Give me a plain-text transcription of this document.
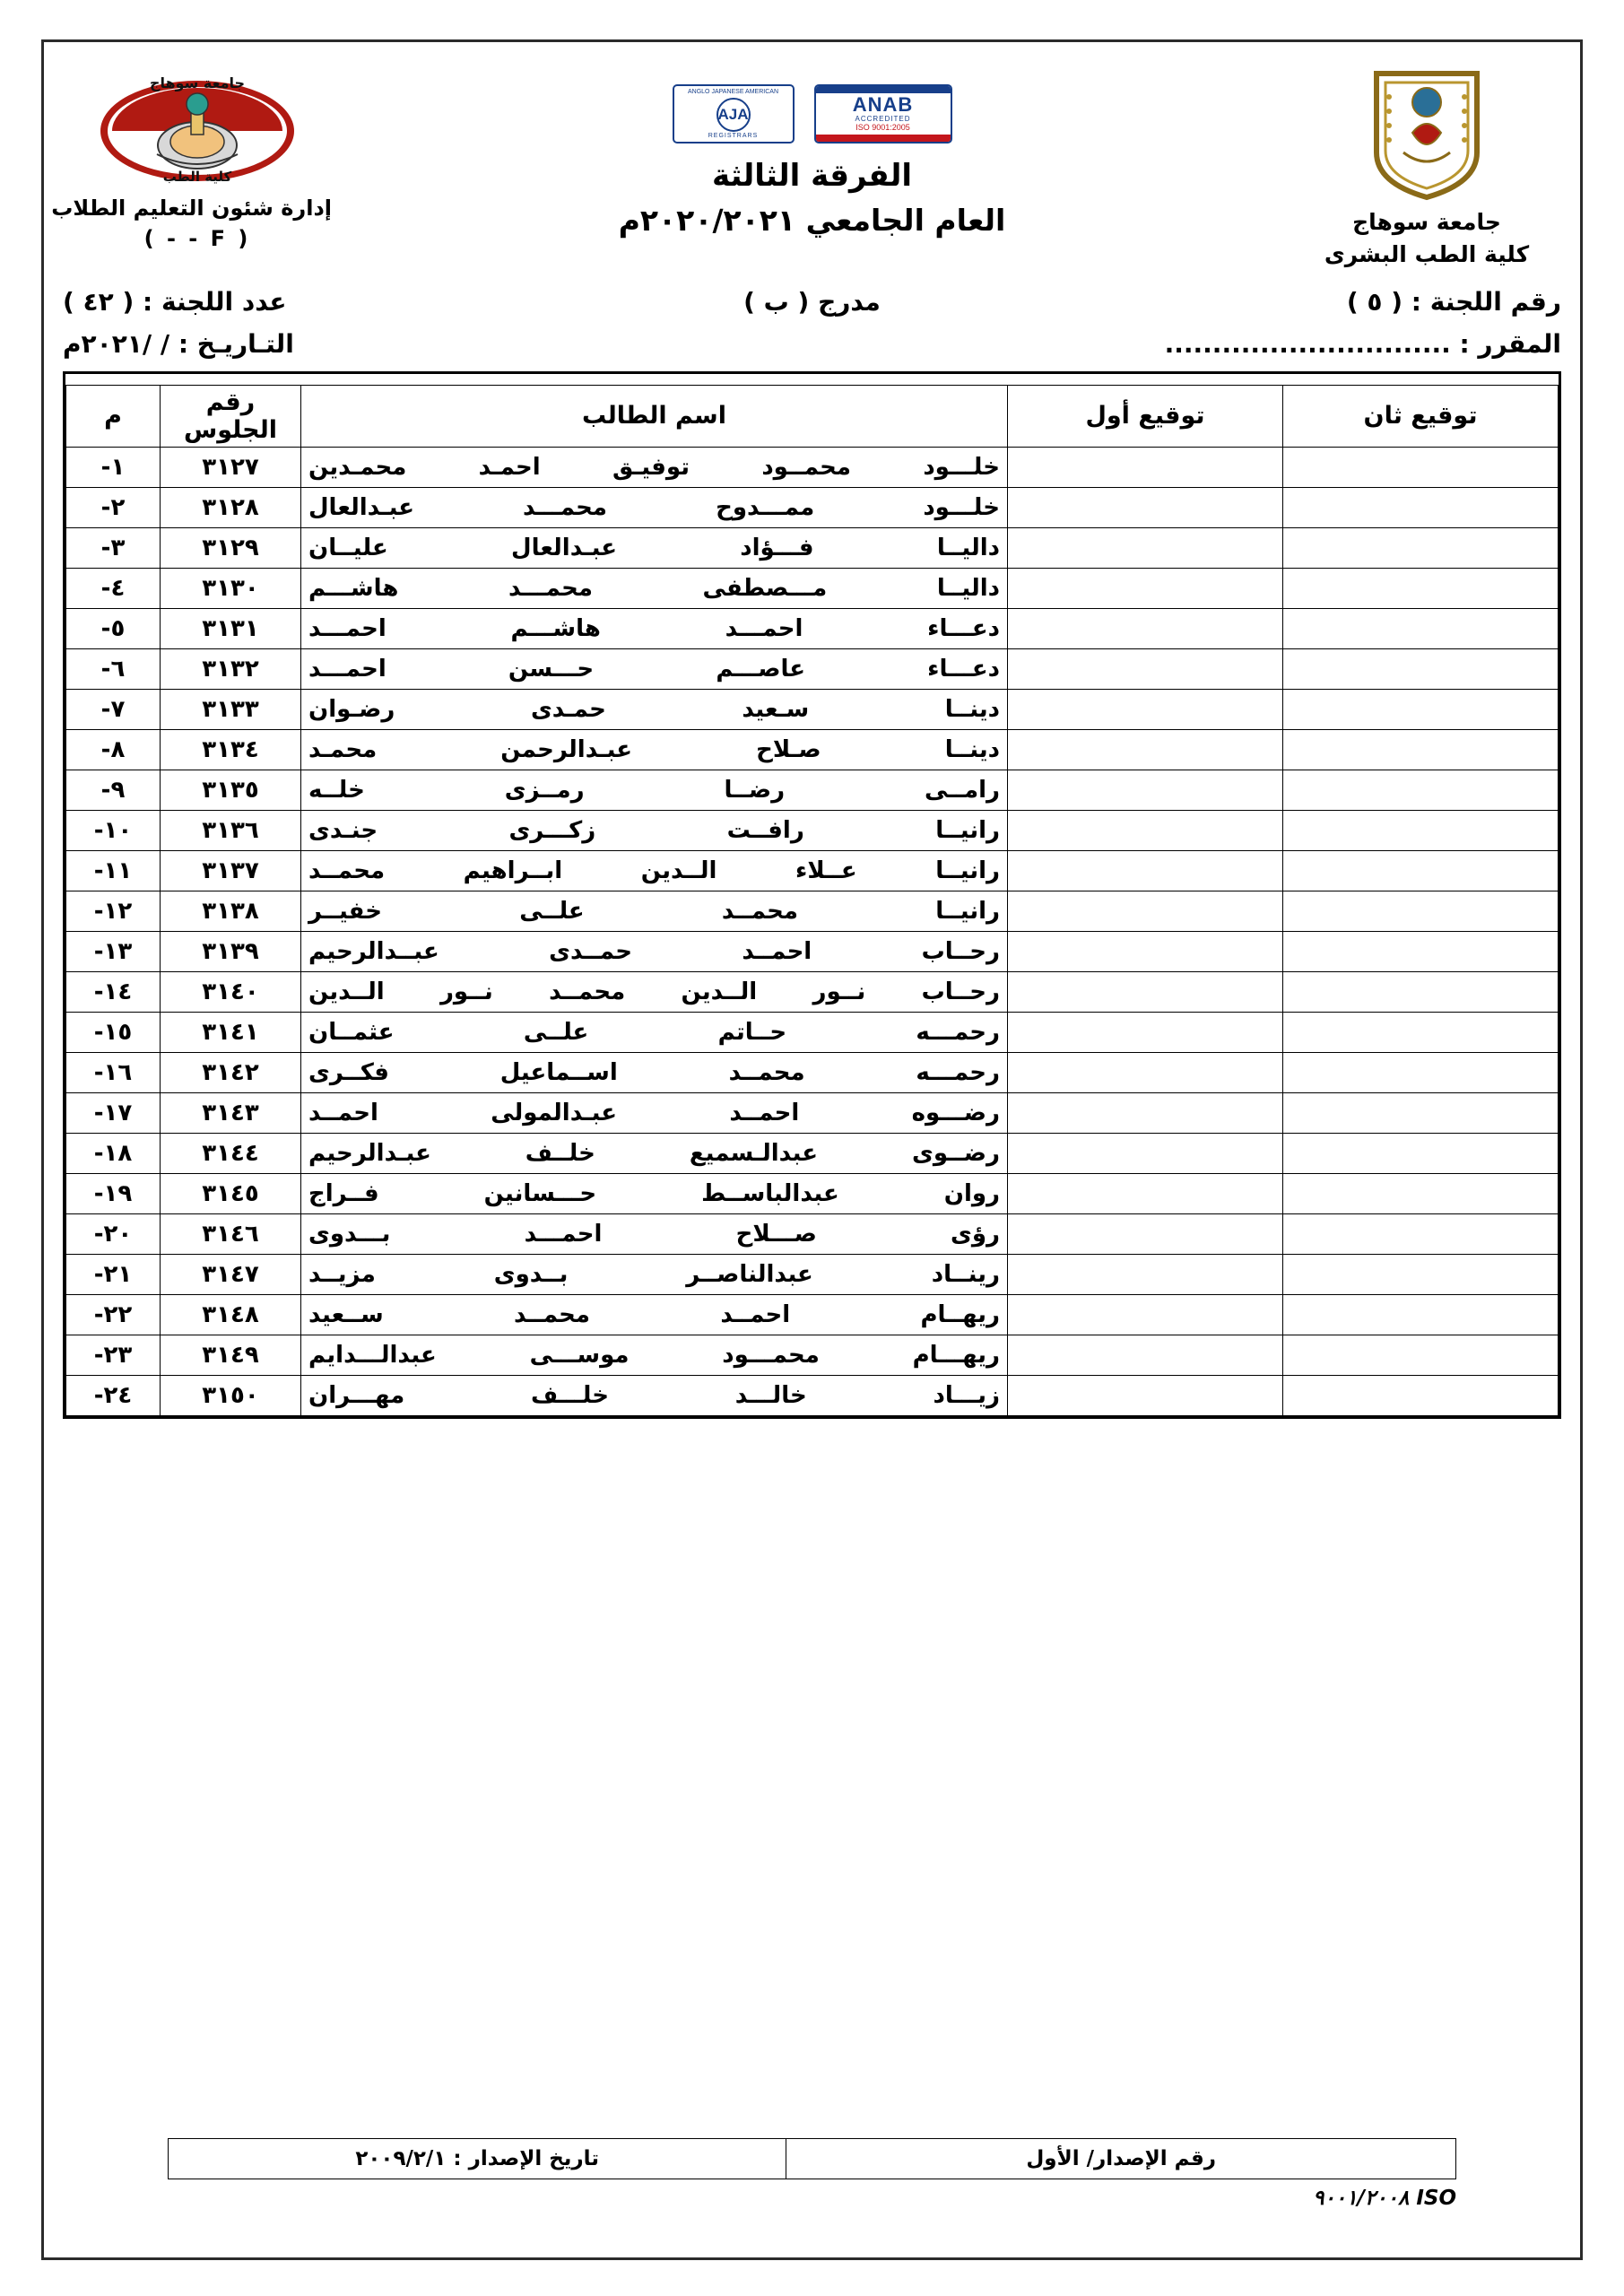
جامعة سوهاج
كلية الطب
إدارة شئون التعليم الطلاب
( - - F )
ANAB
ACCREDITED
ISO 9001:2005
ANGLO JAPANESE AMERICAN
AJA
REGISTRARS
الفرقة الثالثة
العام الجامعي ٢٠٢٠/٢٠٢١م	جامعة سوهاج
كلية الطب البشرى
رقم اللجنة : ( ٥ )
مدرج ( ب )
عدد اللجنة : ( ٤٢ )
المقرر : ..............................
التـاريـخ : / /٢٠٢١م
توقيع ثان	توقيع أول	اسم الطالب	رقم الجلوس	م
		خلـــود محمــود توفيـق احمـد محمـدين	٣١٢٧	١-
		خلـــود ممـــدوح محمـــد عبـدالعال	٣١٢٨	٢-
		داليــا فـــؤاد عبـدالعال عليــان	٣١٢٩	٣-
		داليــا مـــصطفى محمـــد هاشـــم	٣١٣٠	٤-
		دعـــاء احمـــد هاشـــم احمـــد	٣١٣١	٥-
		دعـــاء عاصـــم حـــسن احمـــد	٣١٣٢	٦-
		دينــا سـعيد حمـدى رضـوان	٣١٣٣	٧-
		دينــا صـلاح عبـدالرحمن محمـد	٣١٣٤	٨-
		رامــى رضــا رمــزى خلــه	٣١٣٥	٩-
		رانيــا رافــت زكـــرى جنـدى	٣١٣٦	١٠-
		رانيــا عــلاء الــدين ابــراهيم محمــد	٣١٣٧	١١-
		رانيــا محمــد علــى خفيــر	٣١٣٨	١٢-
		رحــاب احمــد حمــدى عبــدالرحيم	٣١٣٩	١٣-
		رحــاب نــور الــدين محمــد نــور الــدين	٣١٤٠	١٤-
		رحمـــه حــاتم علــى عثمــان	٣١٤١	١٥-
		رحمـــه محمــد اســماعيل فكــرى	٣١٤٢	١٦-
		رضـــوه احمــد عبـدالمولى احمــد	٣١٤٣	١٧-
		رضــوى عبدالـسميع خلــف عبـدالرحيم	٣١٤٤	١٨-
		روان عبدالباســط حـــسانين فــراج	٣١٤٥	١٩-
		رؤى صـــلاح احمـــد بـــدوى	٣١٤٦	٢٠-
		رينــاد عبدالناصــر بــدوى مزيــد	٣١٤٧	٢١-
		ريهــام احمــد محمــد ســعيد	٣١٤٨	٢٢-
		ريهـــام محمـــود موســـى عبدالـــدايم	٣١٤٩	٢٣-
		زيـــاد خالـــد خلـــف مهـــران	٣١٥٠	٢٤-
رقم الإصدار/ الأول	تاريخ الإصدار : ٢٠٠٩/٢/١
ISO ٩٠٠١/٢٠٠٨
